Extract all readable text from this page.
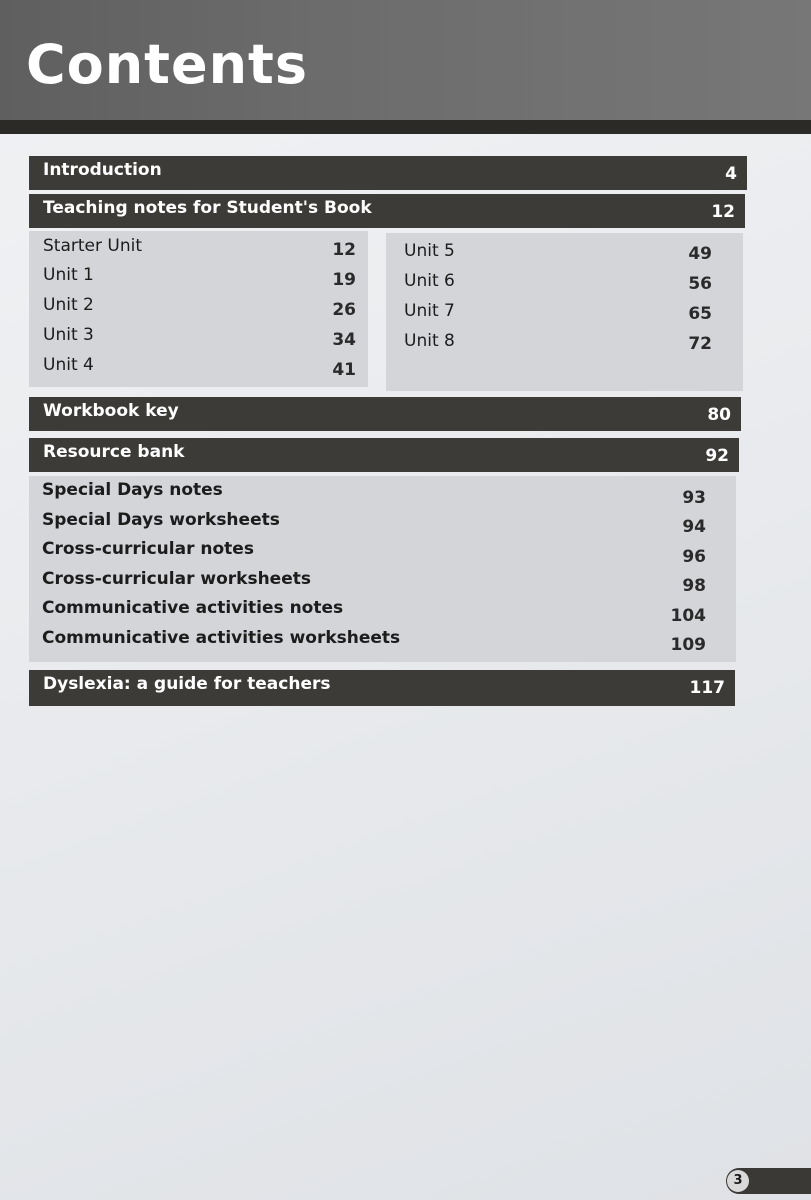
Contents
Introduction	4
Teaching notes for Student's Book	12
Starter Unit	12
Unit 1	19
Unit 2	26
Unit 3	34
Unit 4	41
Unit 5	49
Unit 6	56
Unit 7	65
Unit 8	72
Workbook key	80
Resource bank	92
Special Days notes	93
Special Days worksheets	94
Cross-curricular notes	96
Cross-curricular worksheets	98
Communicative activities notes	104
Communicative activities worksheets	109
Dyslexia: a guide for teachers	117
3
